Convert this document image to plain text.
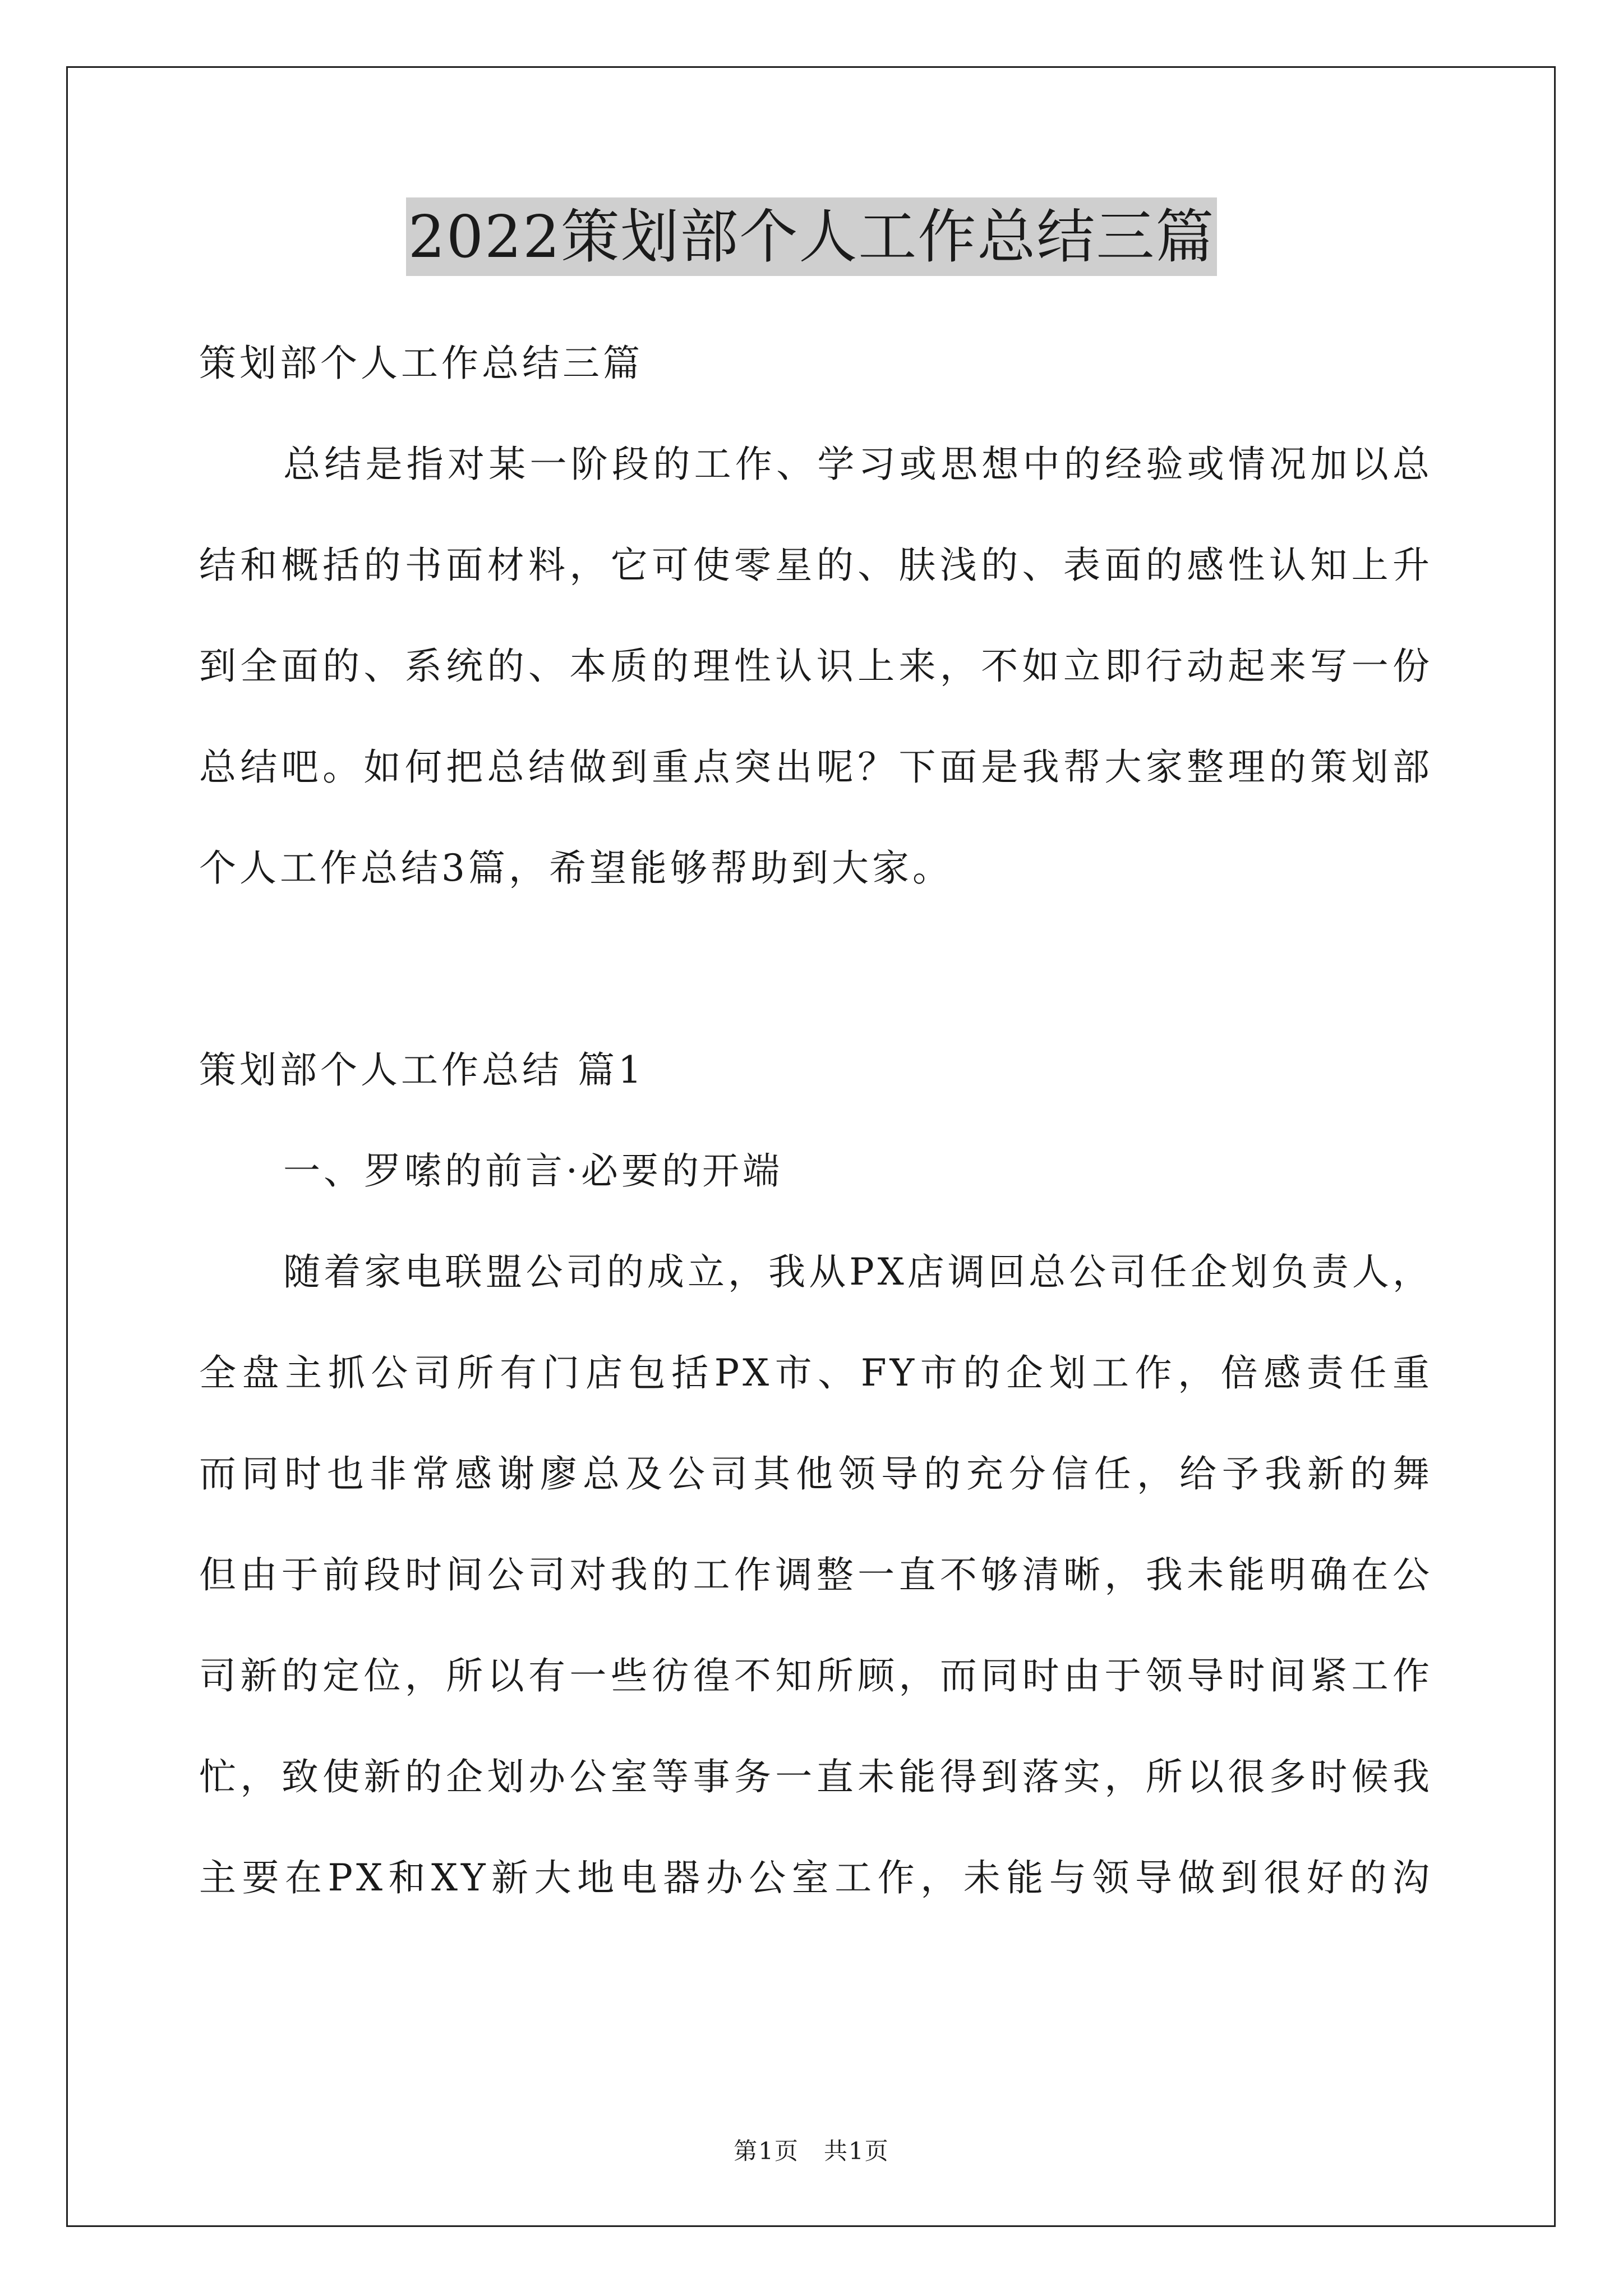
2022策划部个人工作总结三篇
策划部个人工作总结三篇
总结是指对某一阶段的工作、学习或思想中的经验或情况加以总
结和概括的书面材料，它可使零星的、肤浅的、表面的感性认知上升
到全面的、系统的、本质的理性认识上来，不如立即行动起来写一份
总结吧。如何把总结做到重点突出呢？下面是我帮大家整理的策划部
个人工作总结3篇，希望能够帮助到大家。
策划部个人工作总结 篇1
一、罗嗦的前言·必要的开端
随着家电联盟公司的成立，我从PX店调回总公司任企划负责人，
全盘主抓公司所有门店包括PX市、FY市的企划工作，倍感责任重
而同时也非常感谢廖总及公司其他领导的充分信任，给予我新的舞
但由于前段时间公司对我的工作调整一直不够清晰，我未能明确在公
司新的定位，所以有一些彷徨不知所顾，而同时由于领导时间紧工作
忙，致使新的企划办公室等事务一直未能得到落实，所以很多时候我
主要在PX和XY新大地电器办公室工作，未能与领导做到很好的沟
第1页　共1页
